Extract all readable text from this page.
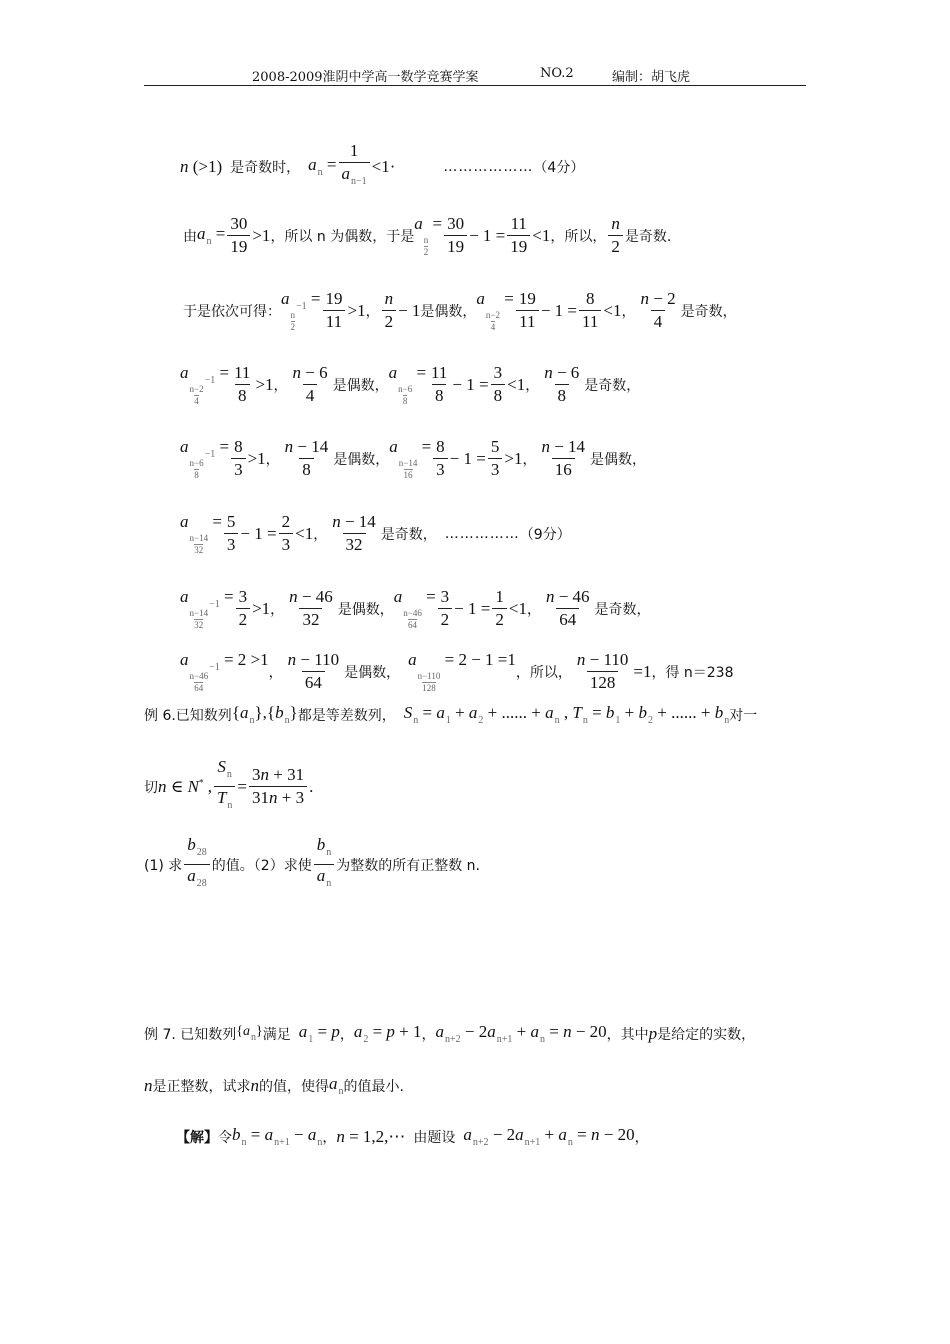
2008-2009淮阴中学高一数学竞赛学案	NO.2	编制：胡飞虎
n (>1) 是奇数时， $a_n = \frac{1}{a_{n-1}} <1\cdot$	……………… （4分）
由 $a_n = \frac{30}{19} >1$ ，所以 n 为偶数，于是
a
$\frac{n}{2}$
= $\frac{30}{19} - 1 = \frac{11}{19} <1$ ，所以，
n
2
是奇数.
于是依次可得：
a
$\frac{n}{2}$
$_{-1} = \frac{19}{11} >1$ ，
n
2
− 1 是偶数，
a
$\frac{n-2}{4}$
= $\frac{19}{11} - 1 = \frac{8}{11} <1$ ，
n − 2
4
是奇数，
a
$\frac{n-2}{4}$
$_{-1} = \frac{11}{8} >1$ ，
n − 6
4
是偶数，
a
$\frac{n-6}{8}$
= $\frac{11}{8} - 1 = \frac{3}{8} <1$ ，
n − 6
8
是奇数，
a
$\frac{n-6}{8}$
$_{-1} = \frac{8}{3} >1$ ，
n − 14
8
是偶数，
a
$\frac{n-14}{16}$
= $\frac{8}{3} - 1 = \frac{5}{3} >1$ ，
n − 14
16
是偶数，
a
$\frac{n-14}{32}$
= $\frac{5}{3} - 1 = \frac{2}{3} <1$ ，
n − 14
32
是奇数， …………… （9分）
a
$\frac{n-14}{32}$
$_{-1} = \frac{3}{2} >1$ ，
n − 46
32
是偶数，
a
$\frac{n-46}{64}$
= $\frac{3}{2} - 1 = \frac{1}{2} <1$ ，
n − 46
64
是奇数，
a
$\frac{n-46}{64}$
$_{-1}$ = 2 >1
，
n − 110
64
是偶数，
a
$\frac{n-110}{128}$
= 2 − 1 =1
，所以， $\frac{n - 110}{128} =1$ ，得 n＝238
例 6.已知数列 $\{a_n\},\{b_n\}$ 都是等差数列， $S_n = a_1 + a_2$ + ...... + $a_n$ , $T_n = b_1 + b_2$ + ...... + $b_n$ 对一
切 n ∈ N* , $\frac{S_n}{T_n} = \frac{3n + 31}{31n + 3}$ .
(1) 求
$b_{28}$
$a_{28}$
的值。（2）求使
$b_n$
$a_n$
为整数的所有正整数 n.
例 7. 已知数列 $\{a_n\}$ 满足 $a_1 = p$ ， $a_2 = p + 1$ ， $a_{n+2} - 2a_{n+1} + a_n = n - 20$ ，其中 p 是给定的实数，
n 是正整数，试求 n 的值，使得 $a_n$ 的值最小.
【解】 令 $b_n = a_{n+1} - a_n$ ， n = 1,2,⋯ 由题设 $a_{n+2} - 2a_{n+1} + a_n = n - 20$ ，
